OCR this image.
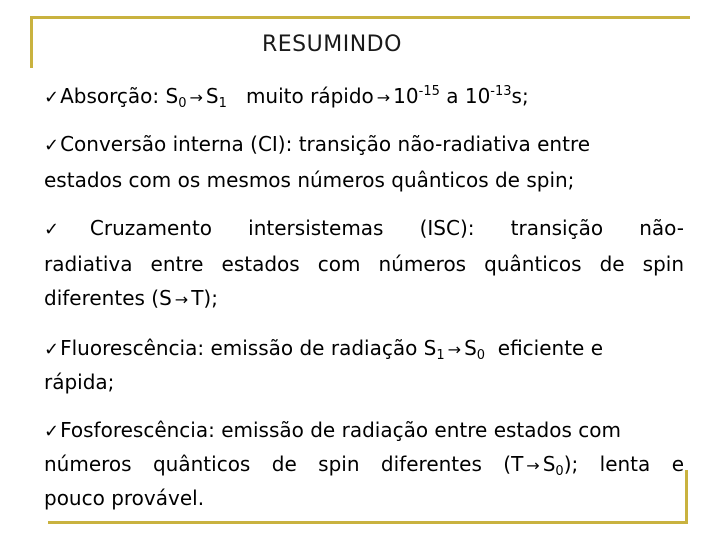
RESUMINDO
✓Absorção: $S_0 \to S_1$ muito rápido → $10^{-15}$ a $10^{-13}s$;
✓Conversão interna (CI): transição não-radiativa entre
estados com os mesmos números quânticos de spin;
✓Cruzamento intersistemas (ISC): transição não-
radiativa entre estados com números quânticos de spin
diferentes (S → T);
✓Fluorescência: emissão de radiação $S_1 \to S_0$ eficiente e
rápida;
✓Fosforescência: emissão de radiação entre estados com
números quânticos de spin diferentes $(T \to S_0)$; lenta e
pouco provável.
